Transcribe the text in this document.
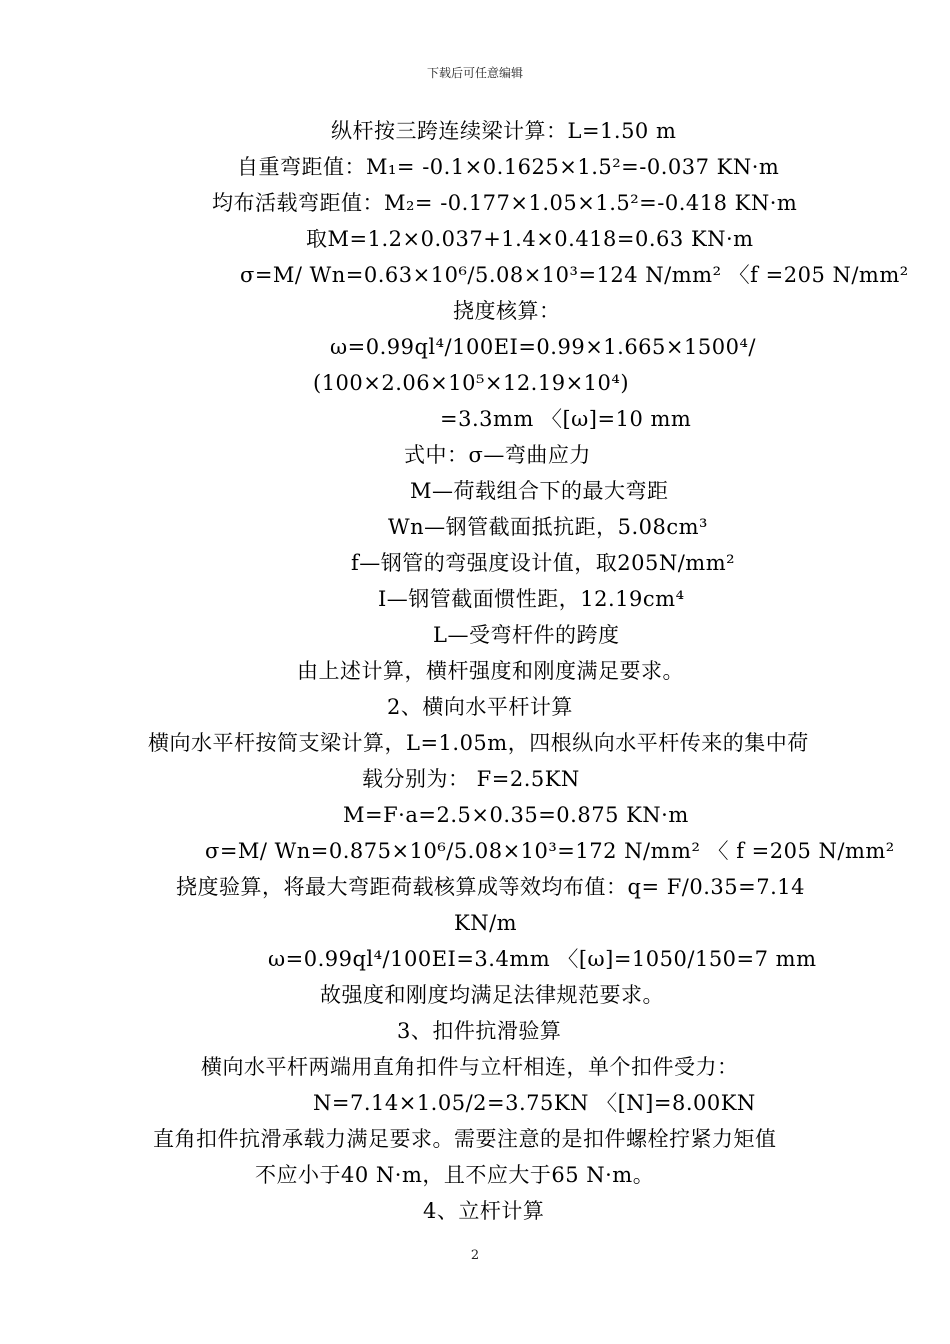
下载后可任意编辑
纵杆按三跨连续梁计算：L=1.50 m
自重弯距值：M₁= -0.1×0.1625×1.5²=-0.037 KN·m
均布活载弯距值：M₂= -0.177×1.05×1.5²=-0.418 KN·m
取M=1.2×0.037+1.4×0.418=0.63 KN·m
σ=M/ Wn=0.63×10⁶/5.08×10³=124 N/mm² 〈f =205 N/mm²
挠度核算：
ω=0.99ql⁴/100EI=0.99×1.665×1500⁴/
(100×2.06×10⁵×12.19×10⁴)
=3.3mm 〈[ω]=10 mm
式中：σ—弯曲应力
M—荷载组合下的最大弯距
Wn—钢管截面抵抗距，5.08cm³
f—钢管的弯强度设计值，取205N/mm²
I—钢管截面惯性距，12.19cm⁴
L—受弯杆件的跨度
由上述计算，横杆强度和刚度满足要求。
2、横向水平杆计算
横向水平杆按简支梁计算，L=1.05m，四根纵向水平杆传来的集中荷
载分别为： F=2.5KN
M=F·a=2.5×0.35=0.875 KN·m
σ=M/ Wn=0.875×10⁶/5.08×10³=172 N/mm² 〈 f =205 N/mm²
挠度验算，将最大弯距荷载核算成等效均布值：q= F/0.35=7.14
KN/m
ω=0.99ql⁴/100EI=3.4mm 〈[ω]=1050/150=7 mm
故强度和刚度均满足法律规范要求。
3、扣件抗滑验算
横向水平杆两端用直角扣件与立杆相连，单个扣件受力：
N=7.14×1.05/2=3.75KN 〈[N]=8.00KN
直角扣件抗滑承载力满足要求。需要注意的是扣件螺栓拧紧力矩值
不应小于40 N·m，且不应大于65 N·m。
4、立杆计算
2
